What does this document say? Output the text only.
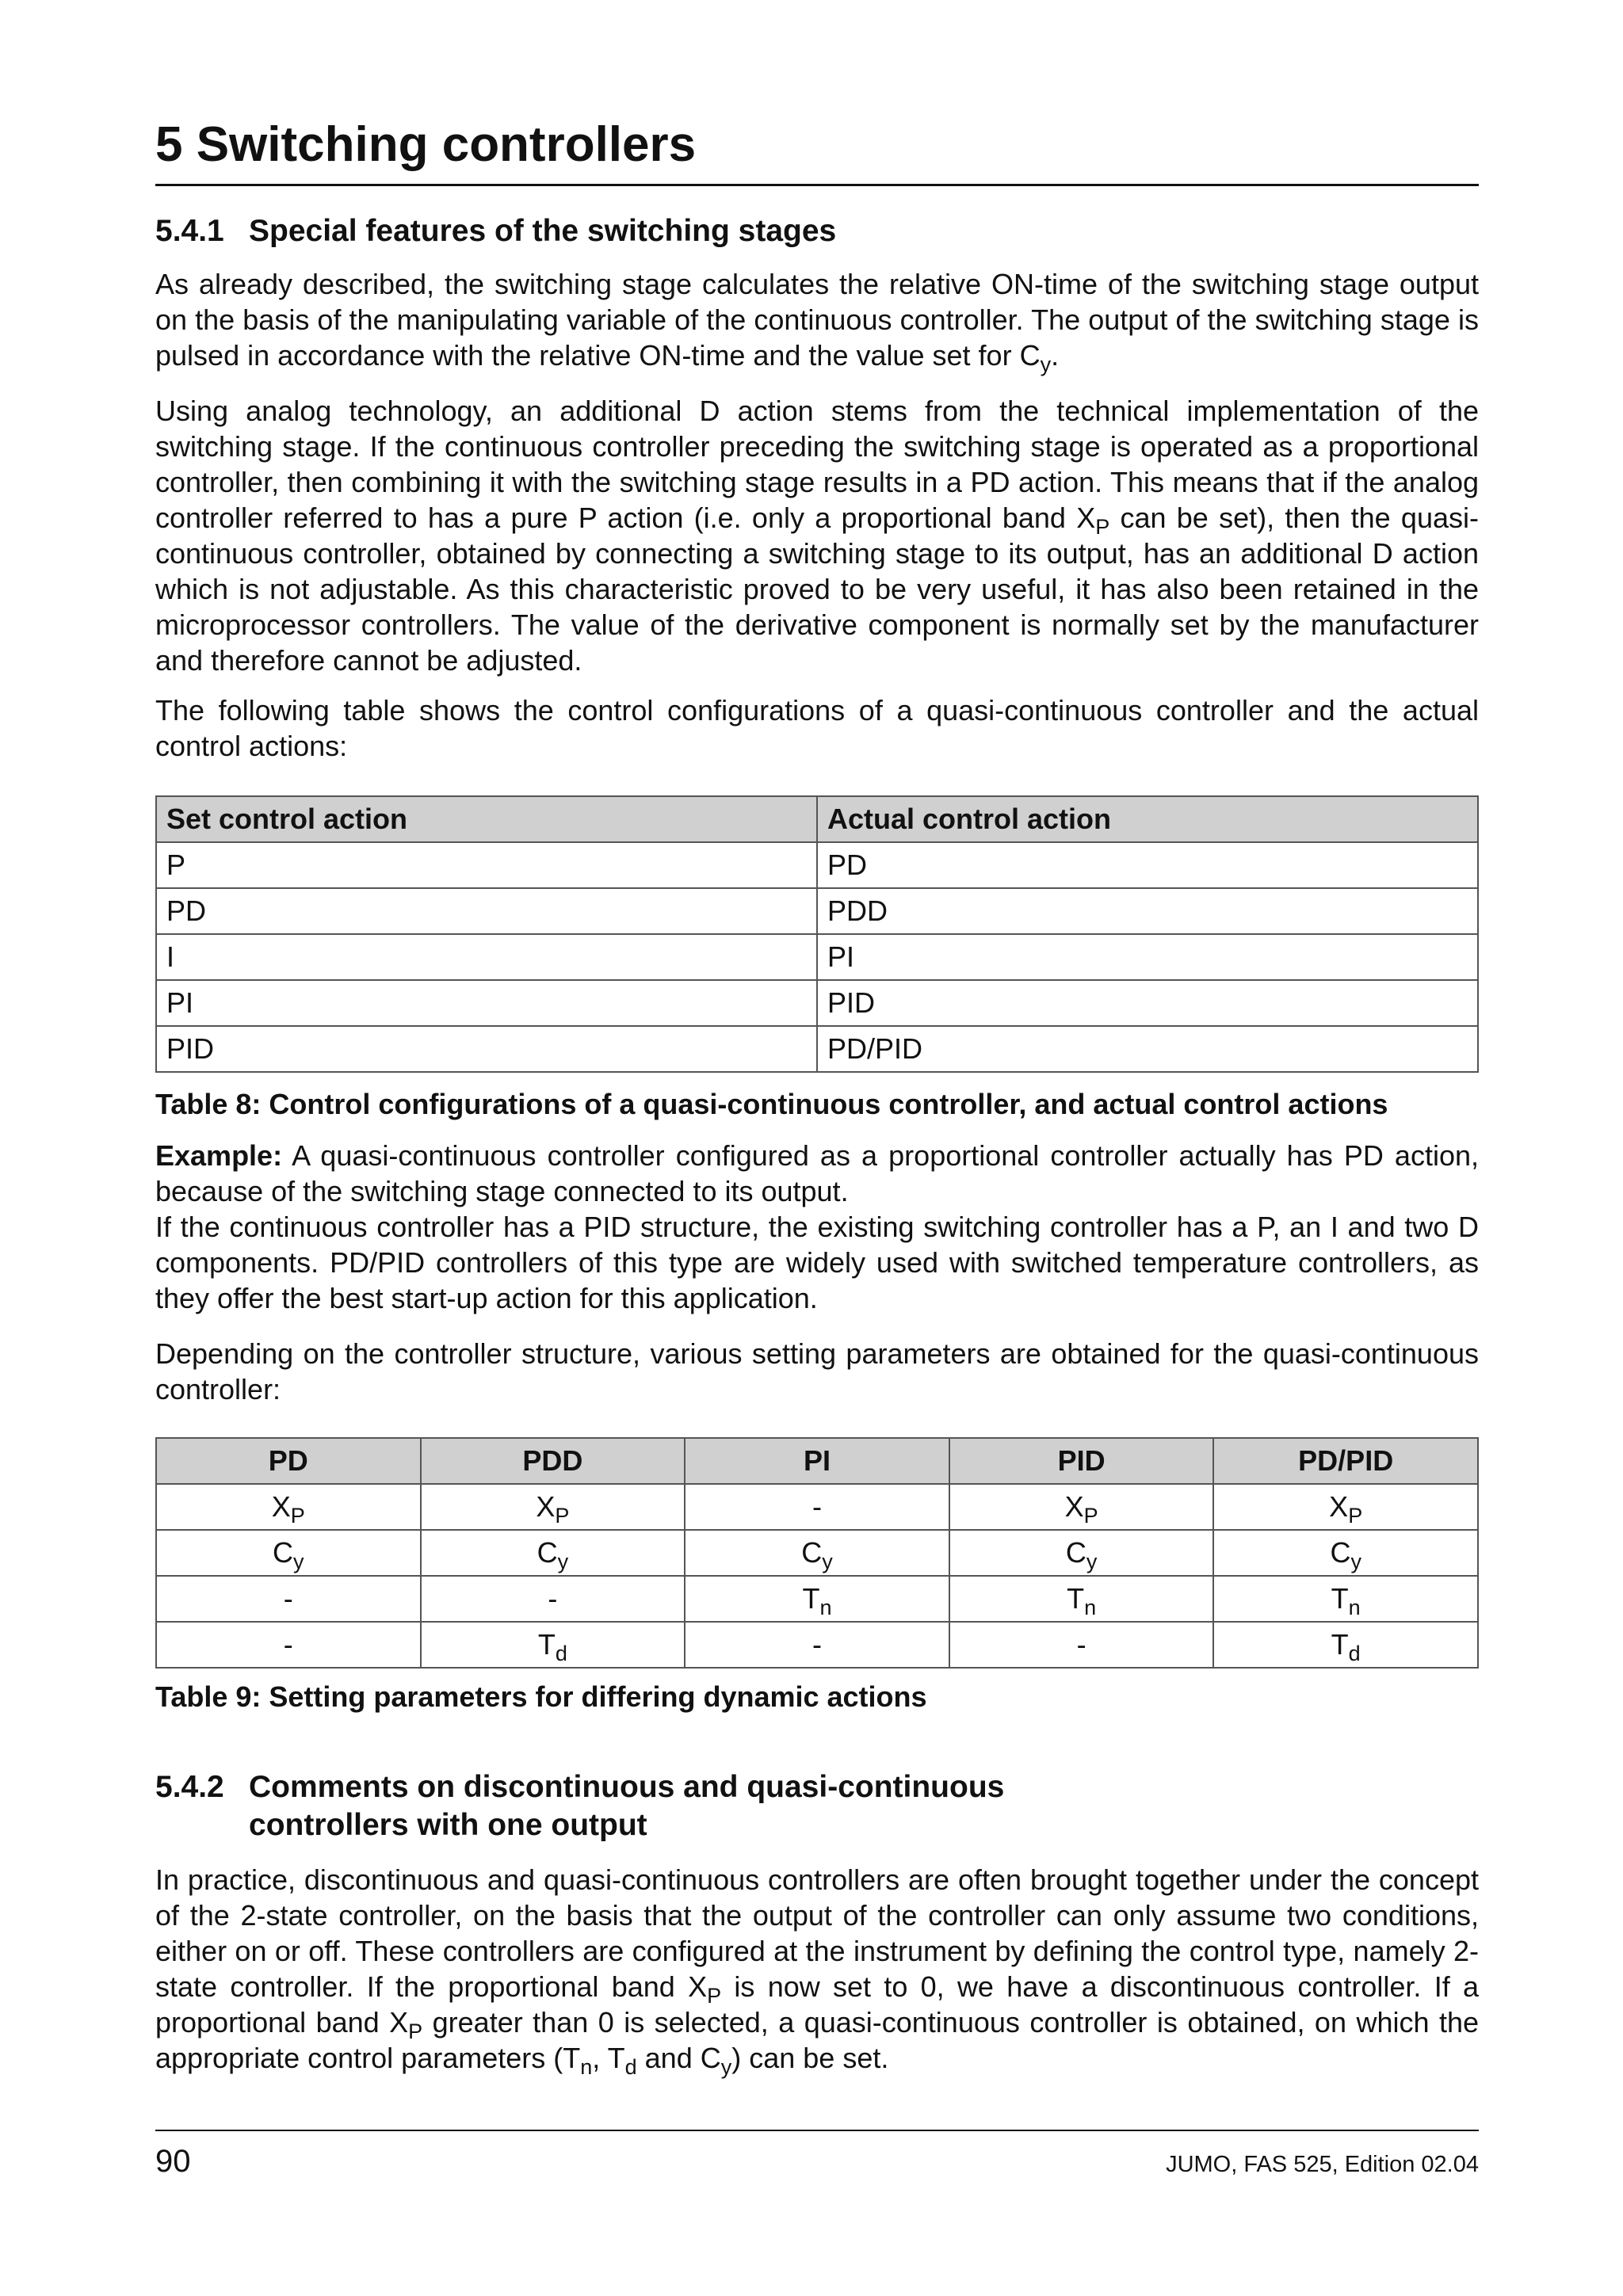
5 Switching controllers
5.4.1 Special features of the switching stages

As already described, the switching stage calculates the relative ON-time of the switching stage output on the basis of the manipulating variable of the continuous controller. The output of the switching stage is pulsed in accordance with the relative ON-time and the value set for $C_y$.

Using analog technology, an additional D action stems from the technical implementation of the switching stage. If the continuous controller preceding the switching stage is operated as a proportional controller, then combining it with the switching stage results in a PD action. This means that if the analog controller referred to has a pure P action (i.e. only a proportional band $X_P$ can be set), then the quasi-continuous controller, obtained by connecting a switching stage to its output, has an additional D action which is not adjustable. As this characteristic proved to be very useful, it has also been retained in the microprocessor controllers. The value of the derivative component is normally set by the manufacturer and therefore cannot be adjusted.

The following table shows the control configurations of a quasi-continuous controller and the actual control actions:

Set control action	Actual control action
P	PD
PD	PDD
I	PI
PI	PID
PID	PD/PID

Table 8: Control configurations of a quasi-continuous controller, and actual control actions

Example: A quasi-continuous controller configured as a proportional controller actually has PD action, because of the switching stage connected to its output.
If the continuous controller has a PID structure, the existing switching controller has a P, an I and two D components. PD/PID controllers of this type are widely used with switched temperature controllers, as they offer the best start-up action for this application.

Depending on the controller structure, various setting parameters are obtained for the quasi-continuous controller:

PD	PDD	PI	PID	PD/PID
$X_P$	$X_P$	-	$X_P$	$X_P$
$C_y$	$C_y$	$C_y$	$C_y$	$C_y$
-	-	$T_n$	$T_n$	$T_n$
-	$T_d$	-	-	$T_d$

Table 9: Setting parameters for differing dynamic actions

5.4.2 Comments on discontinuous and quasi-continuous
controllers with one output

In practice, discontinuous and quasi-continuous controllers are often brought together under the concept of the 2-state controller, on the basis that the output of the controller can only assume two conditions, either on or off. These controllers are configured at the instrument by defining the control type, namely 2-state controller. If the proportional band $X_P$ is now set to 0, we have a discontinuous controller. If a proportional band $X_P$ greater than 0 is selected, a quasi-continuous controller is obtained, on which the appropriate control parameters ($T_n$, $T_d$ and $C_y$) can be set.

90	JUMO, FAS 525, Edition 02.04
